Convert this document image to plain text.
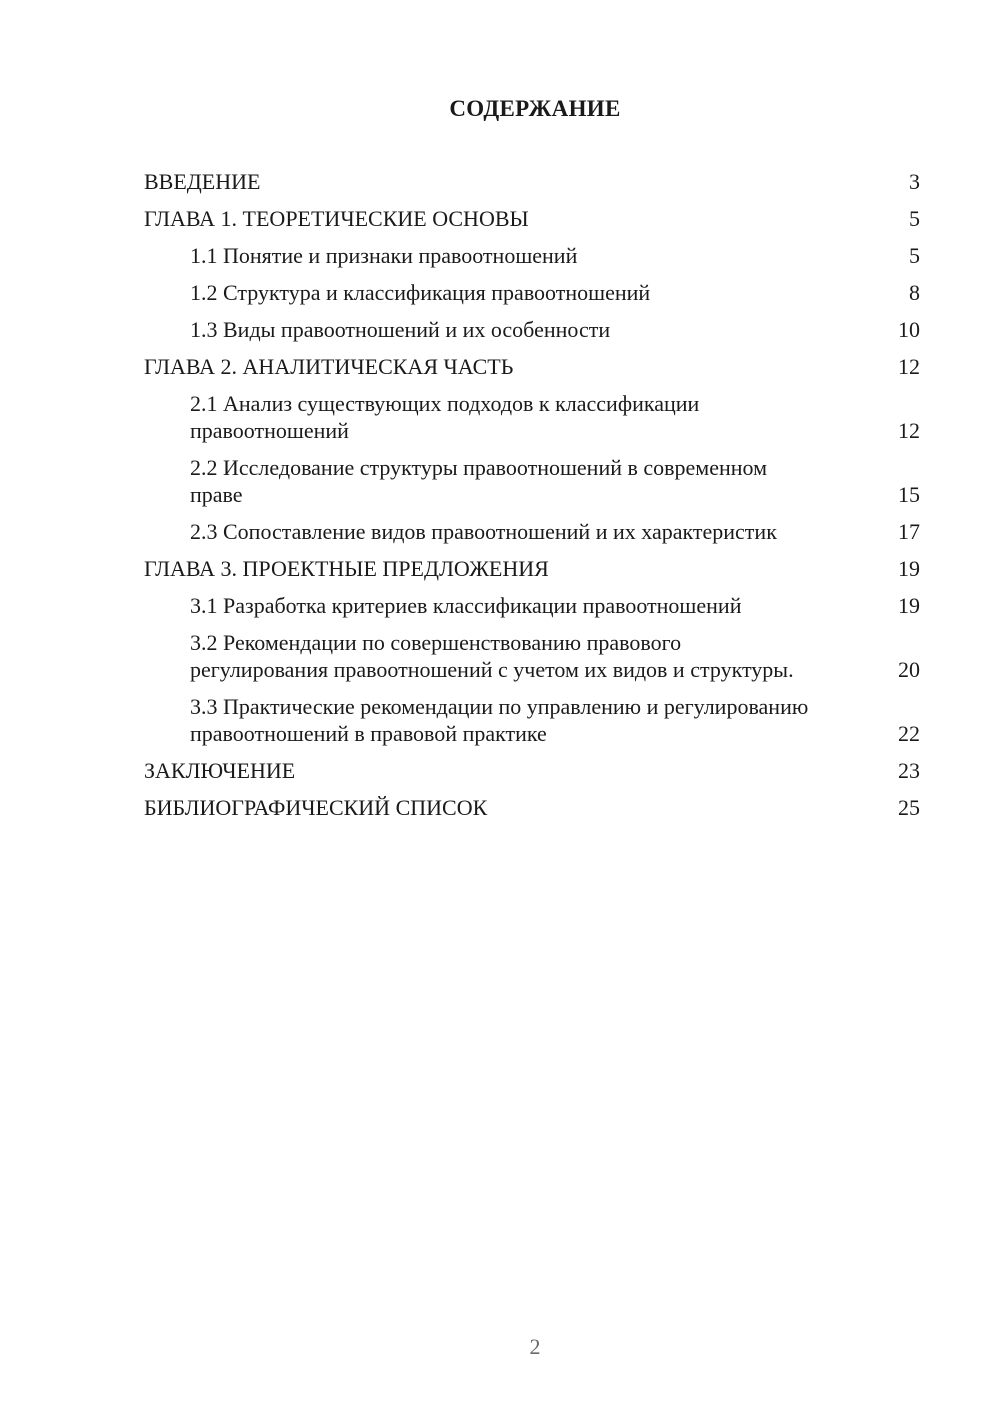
СОДЕРЖАНИЕ
ВВЕДЕНИЕ	3
ГЛАВА 1. ТЕОРЕТИЧЕСКИЕ ОСНОВЫ	5
1.1 Понятие и признаки правоотношений	5
1.2 Структура и классификация правоотношений	8
1.3 Виды правоотношений и их особенности	10
ГЛАВА 2. АНАЛИТИЧЕСКАЯ ЧАСТЬ	12
2.1 Анализ существующих подходов к классификации правоотношений	12
2.2 Исследование структуры правоотношений в современном праве	15
2.3 Сопоставление видов правоотношений и их характеристик	17
ГЛАВА 3. ПРОЕКТНЫЕ ПРЕДЛОЖЕНИЯ	19
3.1 Разработка критериев классификации правоотношений	19
3.2 Рекомендации по совершенствованию правового регулирования правоотношений с учетом их видов и структуры.	20
3.3 Практические рекомендации по управлению и регулированию правоотношений в правовой практике	22
ЗАКЛЮЧЕНИЕ	23
БИБЛИОГРАФИЧЕСКИЙ СПИСОК	25
2
